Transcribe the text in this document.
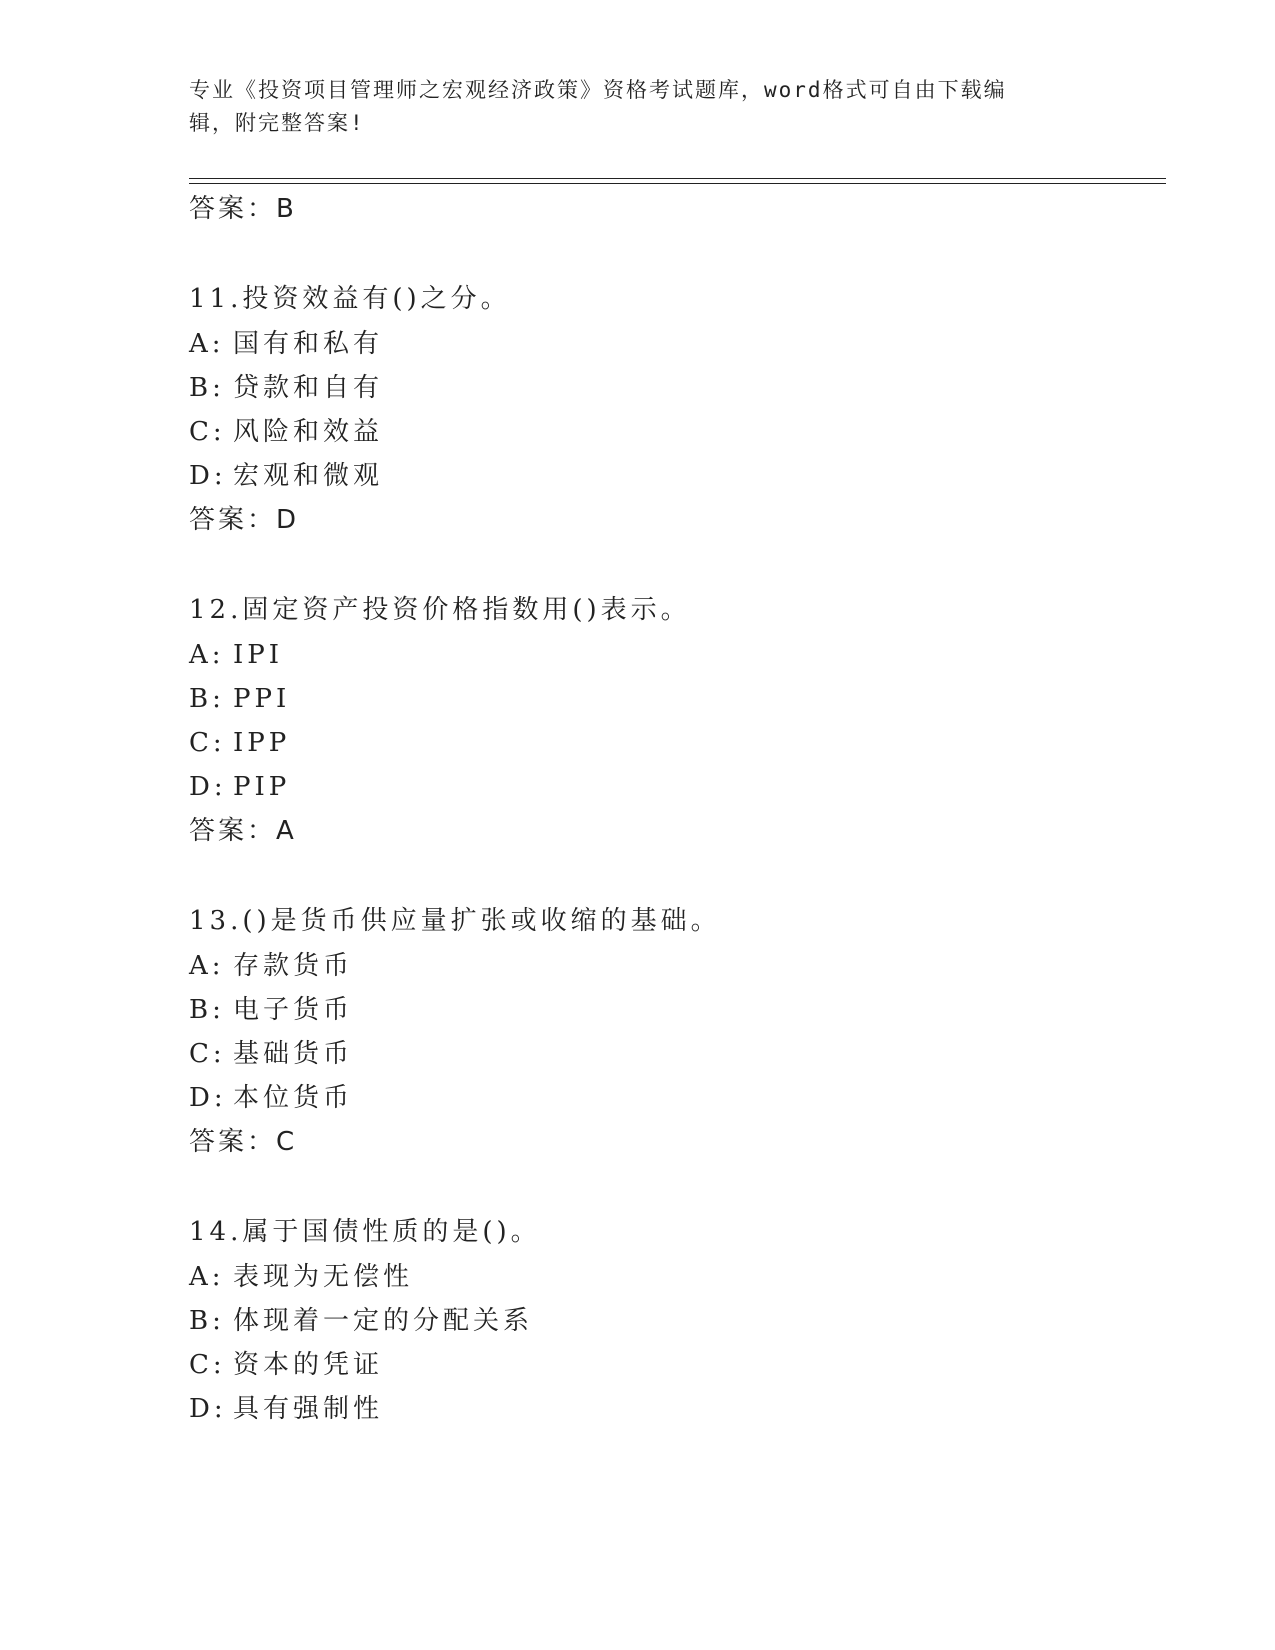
专业《投资项目管理师之宏观经济政策》资格考试题库，word格式可自由下载编
辑，附完整答案!
答案：B
11.投资效益有()之分。
A: 国有和私有
B: 贷款和自有
C: 风险和效益
D: 宏观和微观
答案：D
12.固定资产投资价格指数用()表示。
A: IPI
B: PPI
C: IPP
D: PIP
答案：A
13.()是货币供应量扩张或收缩的基础。
A: 存款货币
B: 电子货币
C: 基础货币
D: 本位货币
答案：C
14.属于国债性质的是()。
A: 表现为无偿性
B: 体现着一定的分配关系
C: 资本的凭证
D: 具有强制性
